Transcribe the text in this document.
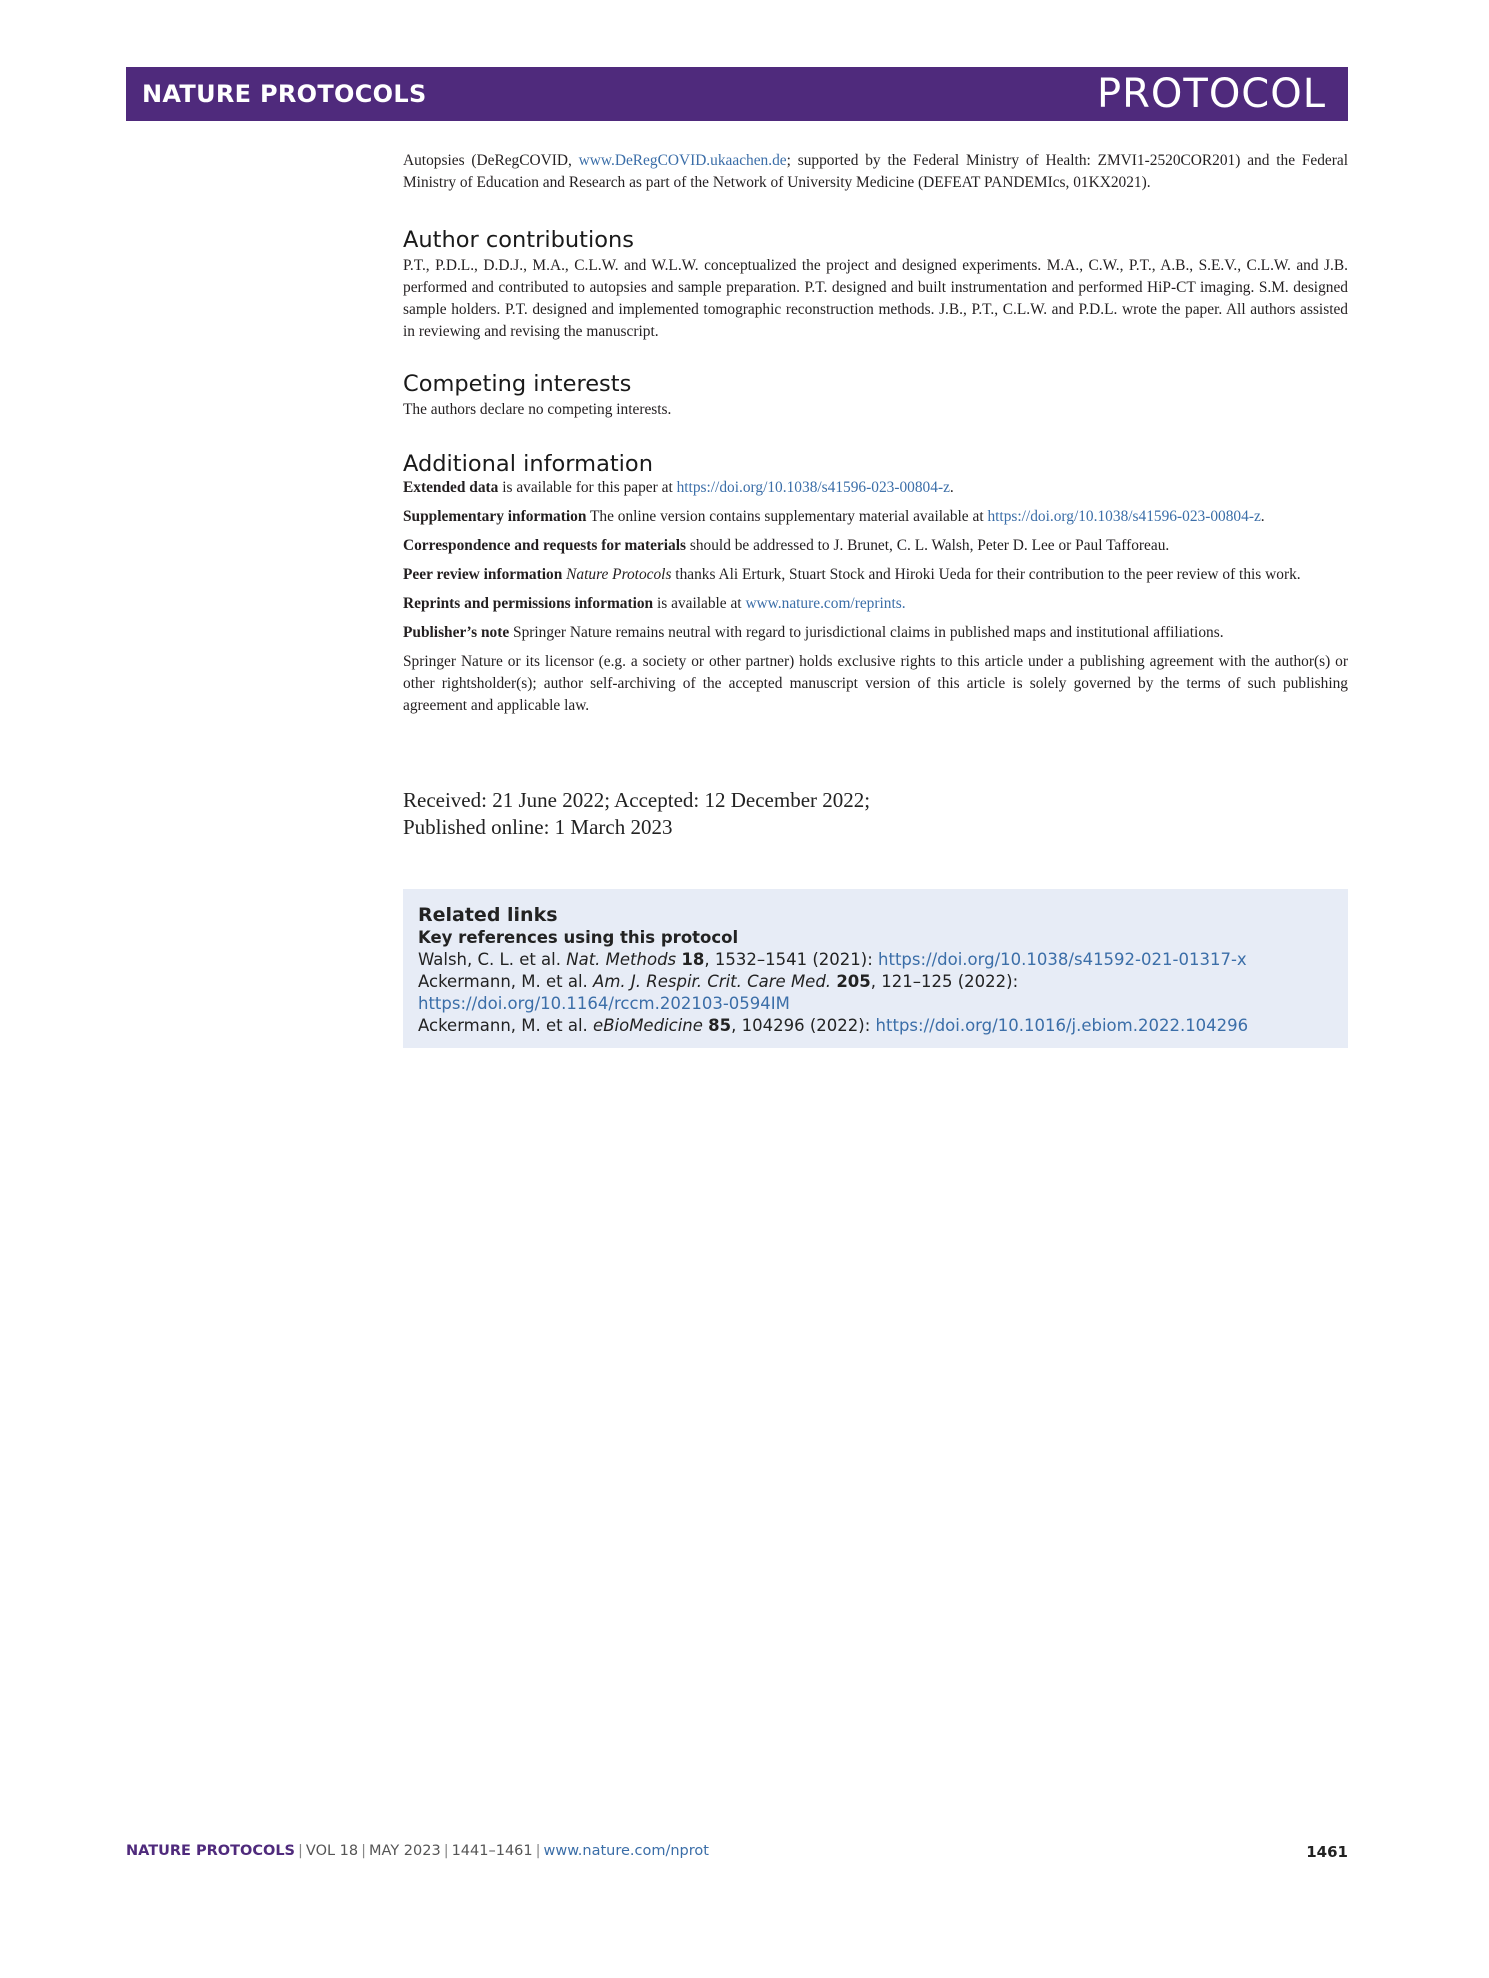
NATURE PROTOCOLS	PROTOCOL

Autopsies (DeRegCOVID, www.DeRegCOVID.ukaachen.de; supported by the Federal Ministry of Health: ZMVI1-2520COR201) and the Federal Ministry of Education and Research as part of the Network of University Medicine (DEFEAT PANDEMIcs, 01KX2021).

Author contributions

P.T., P.D.L., D.D.J., M.A., C.L.W. and W.L.W. conceptualized the project and designed experiments. M.A., C.W., P.T., A.B., S.E.V., C.L.W. and J.B. performed and contributed to autopsies and sample preparation. P.T. designed and built instrumentation and performed HiP-CT imaging. S.M. designed sample holders. P.T. designed and implemented tomographic reconstruction methods. J.B., P.T., C.L.W. and P.D.L. wrote the paper. All authors assisted in reviewing and revising the manuscript.

Competing interests

The authors declare no competing interests.

Additional information

Extended data is available for this paper at https://doi.org/10.1038/s41596-023-00804-z.

Supplementary information The online version contains supplementary material available at https://doi.org/10.1038/s41596-023-00804-z.

Correspondence and requests for materials should be addressed to J. Brunet, C. L. Walsh, Peter D. Lee or Paul Tafforeau.

Peer review information Nature Protocols thanks Ali Erturk, Stuart Stock and Hiroki Ueda for their contribution to the peer review of this work.

Reprints and permissions information is available at www.nature.com/reprints.

Publisher’s note Springer Nature remains neutral with regard to jurisdictional claims in published maps and institutional affiliations.

Springer Nature or its licensor (e.g. a society or other partner) holds exclusive rights to this article under a publishing agreement with the author(s) or other rightsholder(s); author self-archiving of the accepted manuscript version of this article is solely governed by the terms of such publishing agreement and applicable law.

Received: 21 June 2022; Accepted: 12 December 2022;
Published online: 1 March 2023
Related links
Key references using this protocol
Walsh, C. L. et al. Nat. Methods 18, 1532–1541 (2021): https://doi.org/10.1038/s41592-021-01317-x
Ackermann, M. et al. Am. J. Respir. Crit. Care Med. 205, 121–125 (2022): https://doi.org/10.1164/rccm.202103-0594IM
Ackermann, M. et al. eBioMedicine 85, 104296 (2022): https://doi.org/10.1016/j.ebiom.2022.104296
NATURE PROTOCOLS | VOL 18 | MAY 2023 | 1441–1461 | www.nature.com/nprot	1461
